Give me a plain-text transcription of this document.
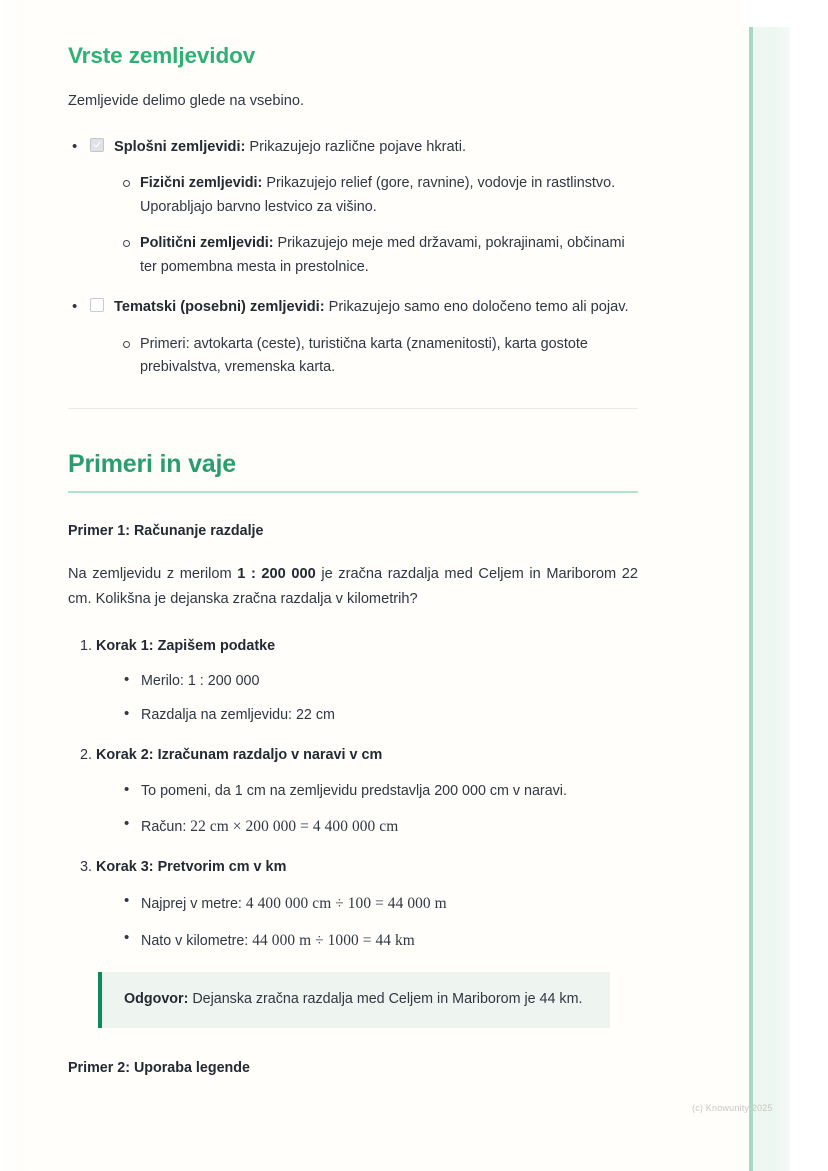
Vrste zemljevidov

Zemljevide delimo glede na vsebino.

• Splošni zemljevidi: Prikazujejo različne pojave hkrati.
Fizični zemljevidi: Prikazujejo relief (gore, ravnine), vodovje in rastlinstvo. Uporabljajo barvno lestvico za višino.
Politični zemljevidi: Prikazujejo meje med državami, pokrajinami, občinami ter pomembna mesta in prestolnice.
• Tematski (posebni) zemljevidi: Prikazujejo samo eno določeno temo ali pojav.
Primeri: avtokarta (ceste), turistična karta (znamenitosti), karta gostote prebivalstva, vremenska karta.
Primeri in vaje
Primer 1: Računanje razdalje

Na zemljevidu z merilom 1 : 200 000 je zračna razdalja med Celjem in Mariborom 22 cm. Kolikšna je dejanska zračna razdalja v kilometrih?

1. Korak 1: Zapišem podatke
• Merilo: 1 : 200 000
• Razdalja na zemljevidu: 22 cm
2. Korak 2: Izračunam razdaljo v naravi v cm
• To pomeni, da 1 cm na zemljevidu predstavlja 200 000 cm v naravi.
• Račun: 22 cm × 200 000 = 4 400 000 cm
3. Korak 3: Pretvorim cm v km
• Najprej v metre: 4 400 000 cm ÷ 100 = 44 000 m
• Nato v kilometre: 44 000 m ÷ 1000 = 44 km

Odgovor: Dejanska zračna razdalja med Celjem in Mariborom je 44 km.

Primer 2: Uporaba legende
(c) Knowunity 2025
